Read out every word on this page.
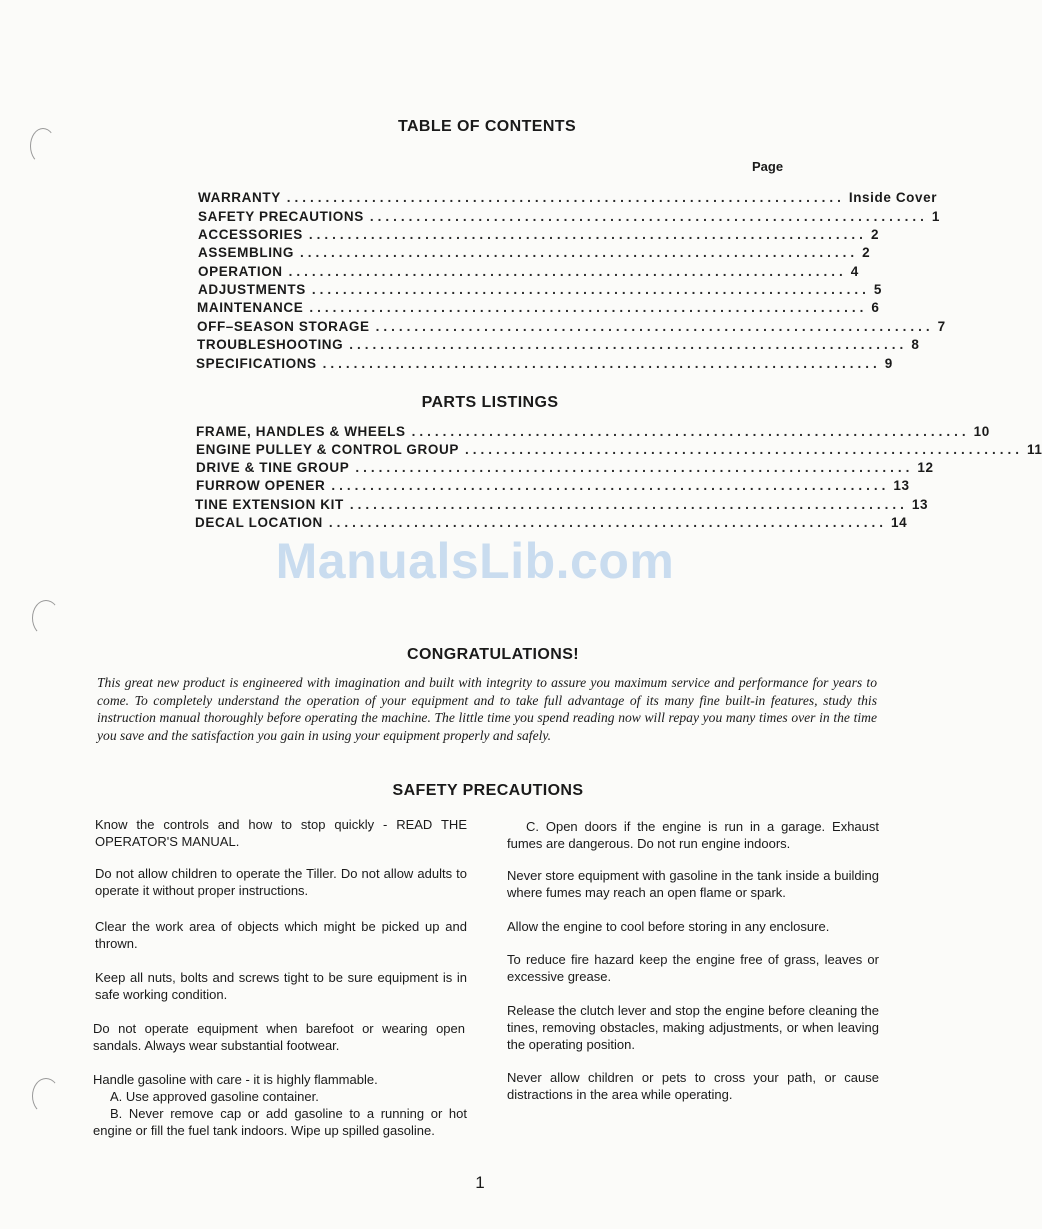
TABLE OF CONTENTS
Page
WARRANTY ........................................................................ Inside Cover
SAFETY PRECAUTIONS ........................................................................ 1
ACCESSORIES ........................................................................ 2
ASSEMBLING ........................................................................ 2
OPERATION ........................................................................ 4
ADJUSTMENTS ........................................................................ 5
MAINTENANCE ........................................................................ 6
OFF–SEASON STORAGE ........................................................................ 7
TROUBLESHOOTING ........................................................................ 8
SPECIFICATIONS ........................................................................ 9
PARTS LISTINGS
FRAME, HANDLES & WHEELS ........................................................................ 10
ENGINE PULLEY & CONTROL GROUP ........................................................................ 11
DRIVE & TINE GROUP ........................................................................ 12
FURROW OPENER ........................................................................ 13
TINE EXTENSION KIT ........................................................................ 13
DECAL LOCATION ........................................................................ 14
ManualsLib.com
CONGRATULATIONS!
This great new product is engineered with imagination and built with integrity to assure you maximum service and performance for years to come. To completely understand the operation of your equipment and to take full advantage of its many fine built-in features, study this instruction manual thoroughly before operating the machine. The little time you spend reading now will repay you many times over in the time you save and the satisfaction you gain in using your equipment properly and safely.
SAFETY PRECAUTIONS
Know the controls and how to stop quickly - READ THE OPERATOR'S MANUAL.
Do not allow children to operate the Tiller. Do not allow adults to operate it without proper instructions.
Clear the work area of objects which might be picked up and thrown.
Keep all nuts, bolts and screws tight to be sure equipment is in safe working condition.
Do not operate equipment when barefoot or wearing open sandals. Always wear substantial footwear.
Handle gasoline with care - it is highly flammable.
A. Use approved gasoline container.
B. Never remove cap or add gasoline to a running or hot engine or fill the fuel tank indoors. Wipe up spilled gasoline.
C. Open doors if the engine is run in a garage. Exhaust fumes are dangerous. Do not run engine indoors.
Never store equipment with gasoline in the tank inside a building where fumes may reach an open flame or spark.
Allow the engine to cool before storing in any enclosure.
To reduce fire hazard keep the engine free of grass, leaves or excessive grease.
Release the clutch lever and stop the engine before cleaning the tines, removing obstacles, making adjustments, or when leaving the operating position.
Never allow children or pets to cross your path, or cause distractions in the area while operating.
1
